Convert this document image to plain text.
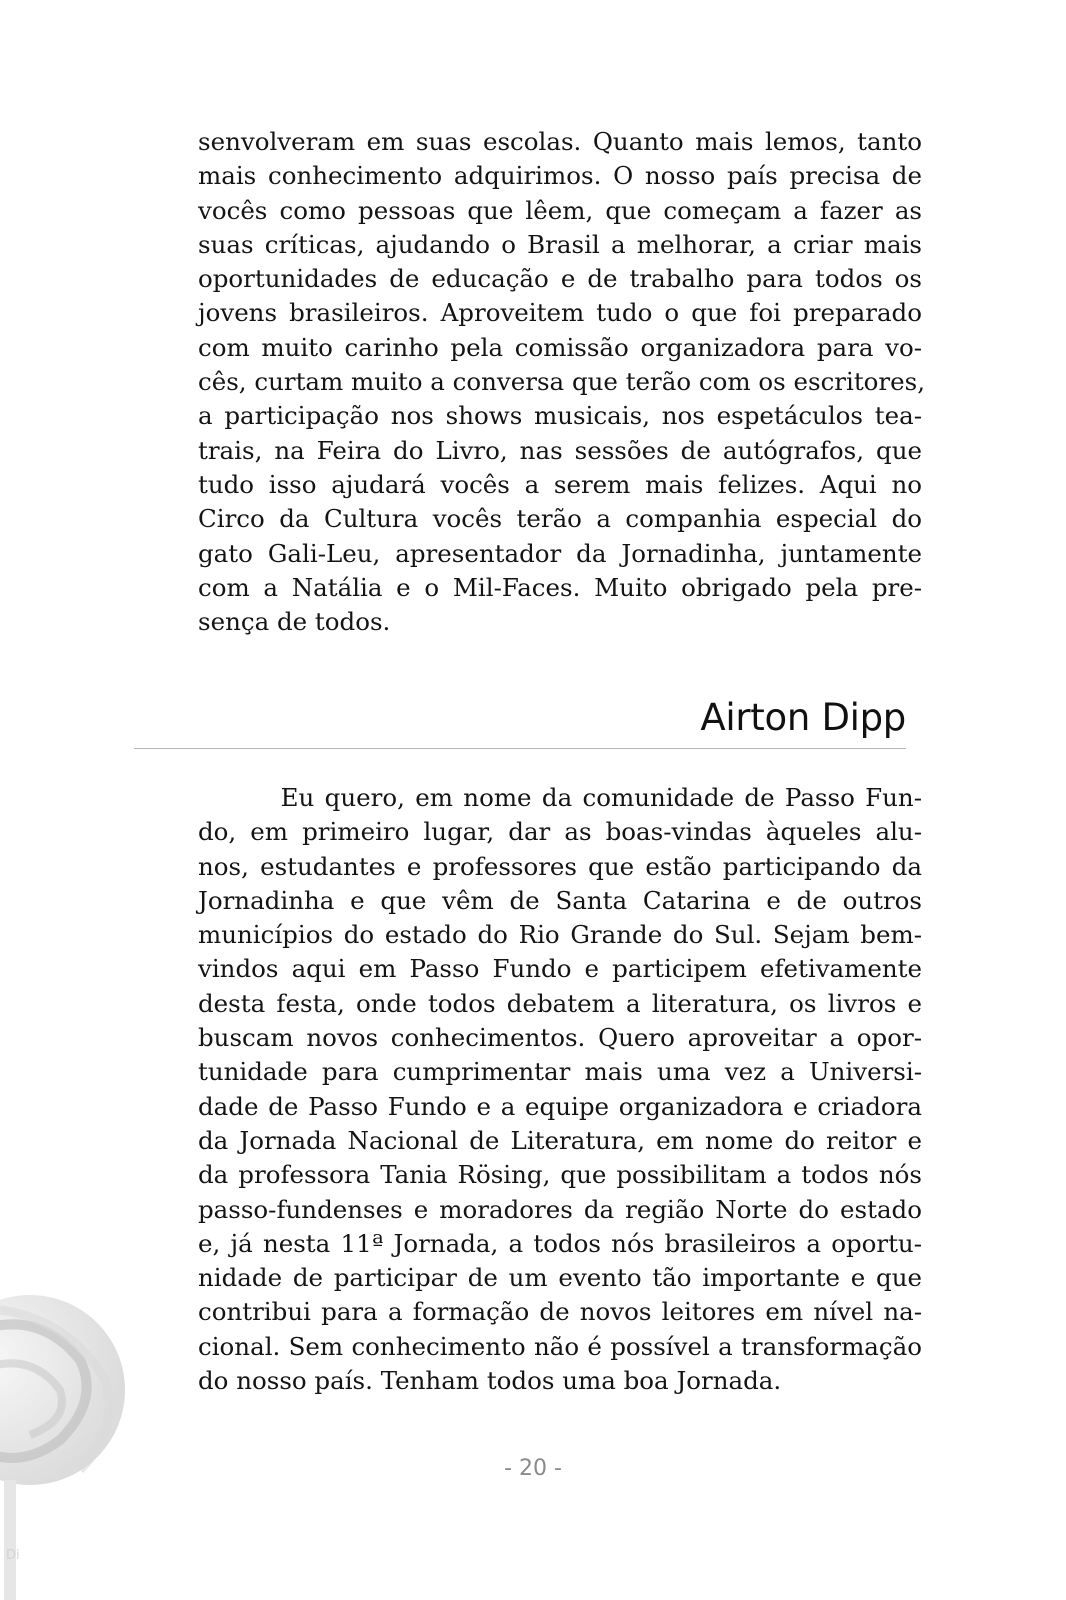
senvolveram em suas escolas. Quanto mais lemos, tanto
mais conhecimento adquirimos. O nosso país precisa de
vocês como pessoas que lêem, que começam a fazer as
suas críticas, ajudando o Brasil a melhorar, a criar mais
oportunidades de educação e de trabalho para todos os
jovens brasileiros. Aproveitem tudo o que foi preparado
com muito carinho pela comissão organizadora para vo-
cês, curtam muito a conversa que terão com os escritores,
a participação nos shows musicais, nos espetáculos tea-
trais, na Feira do Livro, nas sessões de autógrafos, que
tudo isso ajudará vocês a serem mais felizes. Aqui no
Circo da Cultura vocês terão a companhia especial do
gato Gali-Leu, apresentador da Jornadinha, juntamente
com a Natália e o Mil-Faces. Muito obrigado pela pre-
sença de todos.
Airton Dipp
Eu quero, em nome da comunidade de Passo Fun-
do, em primeiro lugar, dar as boas-vindas àqueles alu-
nos, estudantes e professores que estão participando da
Jornadinha e que vêm de Santa Catarina e de outros
municípios do estado do Rio Grande do Sul. Sejam bem-
vindos aqui em Passo Fundo e participem efetivamente
desta festa, onde todos debatem a literatura, os livros e
buscam novos conhecimentos. Quero aproveitar a opor-
tunidade para cumprimentar mais uma vez a Universi-
dade de Passo Fundo e a equipe organizadora e criadora
da Jornada Nacional de Literatura, em nome do reitor e
da professora Tania Rösing, que possibilitam a todos nós
passo-fundenses e moradores da região Norte do estado
e, já nesta 11ª Jornada, a todos nós brasileiros a oportu-
nidade de participar de um evento tão importante e que
contribui para a formação de novos leitores em nível na-
cional. Sem conhecimento não é possível a transformação
do nosso país. Tenham todos uma boa Jornada.
- 20 -
Di
